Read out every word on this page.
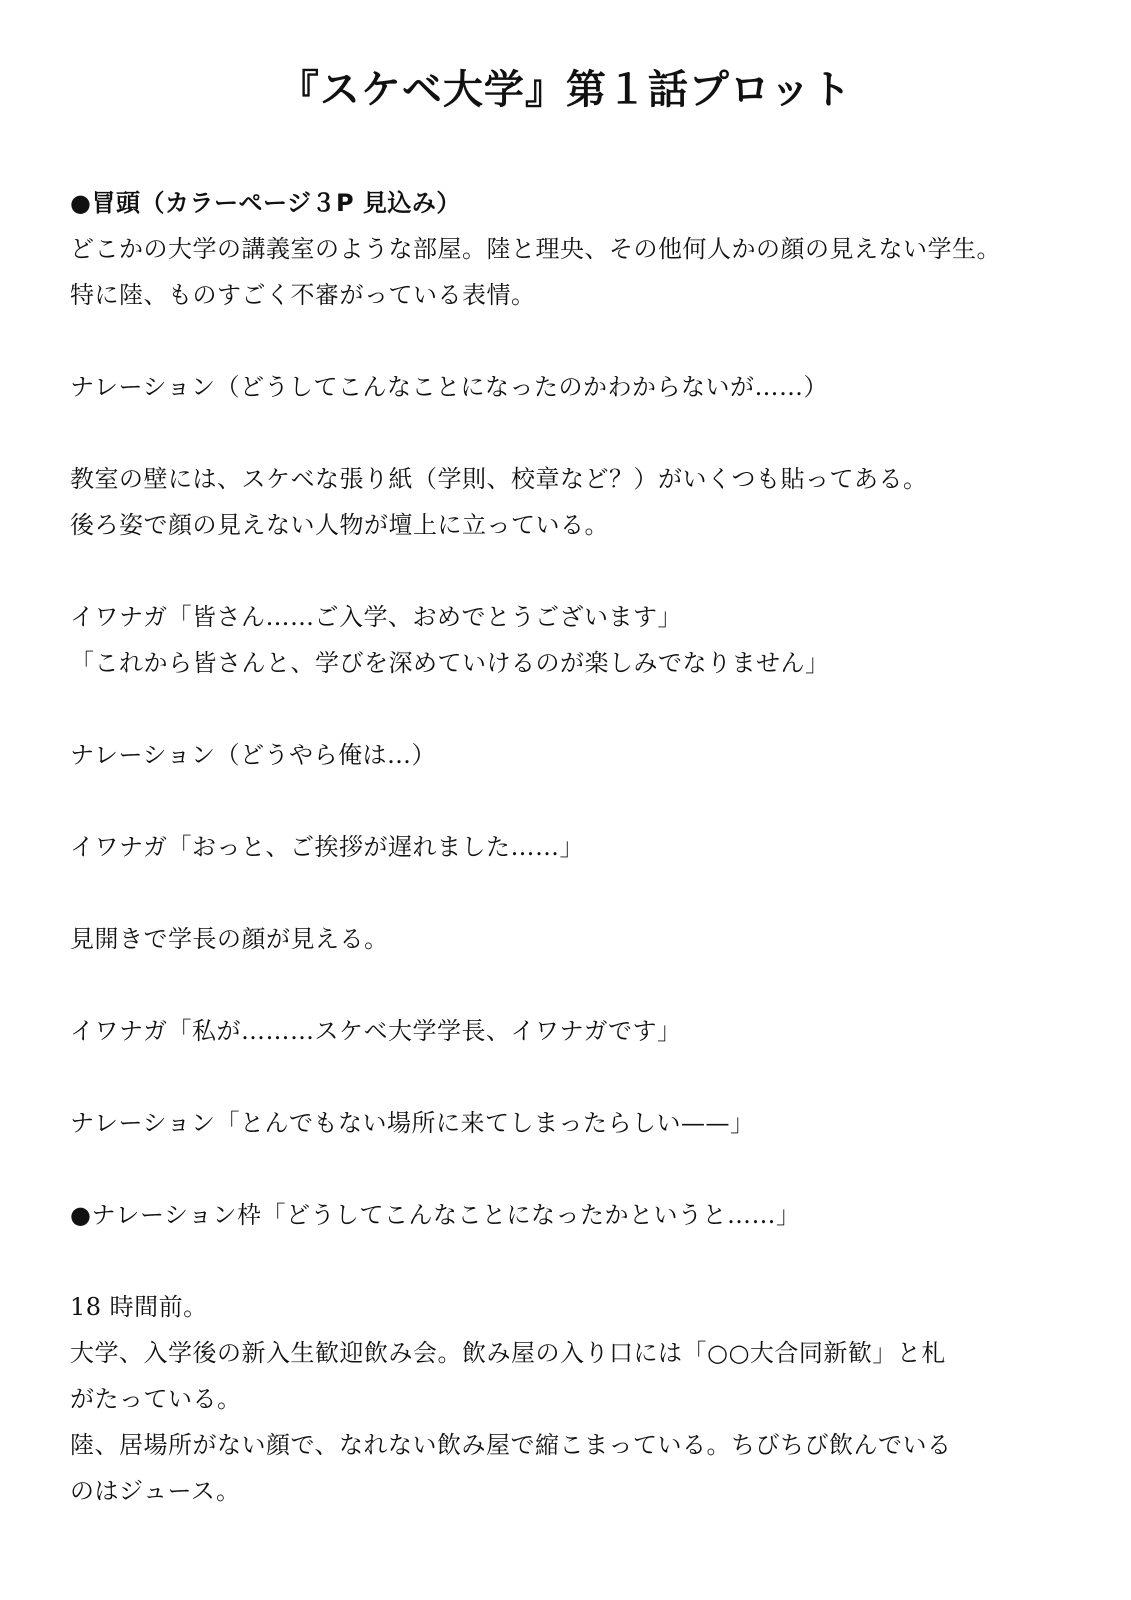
『スケベ大学』第１話プロット
●冒頭（カラーページ３P 見込み）
どこかの大学の講義室のような部屋。陸と理央、その他何人かの顔の見えない学生。
特に陸、ものすごく不審がっている表情。
ナレーション（どうしてこんなことになったのかわからないが……）
教室の壁には、スケベな張り紙（学則、校章など？）がいくつも貼ってある。
後ろ姿で顔の見えない人物が壇上に立っている。
イワナガ「皆さん……ご入学、おめでとうございます」
「これから皆さんと、学びを深めていけるのが楽しみでなりません」
ナレーション（どうやら俺は…）
イワナガ「おっと、ご挨拶が遅れました……」
見開きで学長の顔が見える。
イワナガ「私が………スケベ大学学長、イワナガです」
ナレーション「とんでもない場所に来てしまったらしい——」
●ナレーション枠「どうしてこんなことになったかというと……」
18 時間前。
大学、入学後の新入生歓迎飲み会。飲み屋の入り口には「○○大合同新歓」と札
がたっている。
陸、居場所がない顔で、なれない飲み屋で縮こまっている。ちびちび飲んでいる
のはジュース。
